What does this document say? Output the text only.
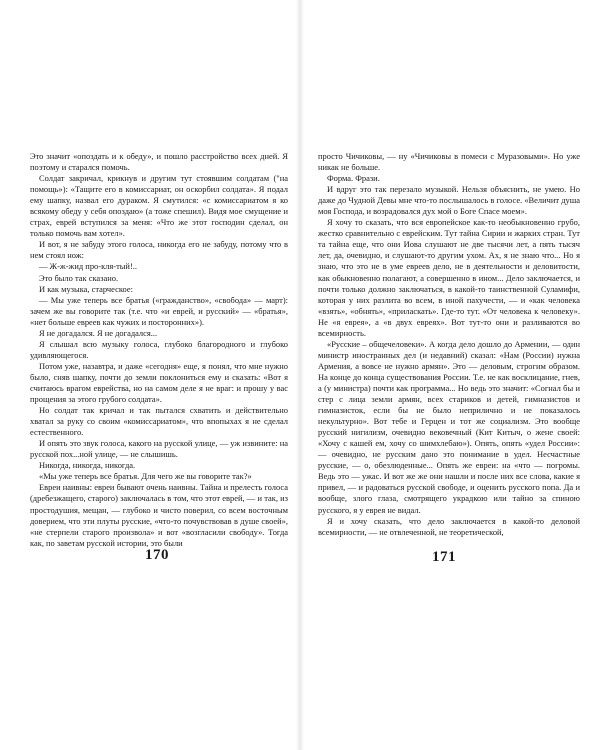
Это значит «опоздать и к обеду», и пошло расстройство всех дней. Я поэтому и старался помочь.

Солдат закричал, крикнув и другим тут стоявшим солдатам ("на помощь»): «Тащите его в комиссариат, он оскорбил солдата». Я подал ему шапку, назвал его дураком. Я смутился: «с комиссариатом я ко всякому обеду у себя опоздаю» (а тоже спешил). Видя мое смущение и страх, еврей вступился за меня: «Что же этот господин сделал, он только помочь вам хотел».

И вот, я не забуду этого голоса, никогда его не забуду, потому что в нем стоял нож:

— Ж-ж-жид про-кля-тый!..

Это было так сказано.

И как музыка, старческое:

— Мы уже теперь все братья («гражданство», «свобода» — март): зачем же вы говорите так (т.е. что «и еврей, и русский» — «братья», «нет больше евреев как чужих и посторонних»).

Я не догадался. Я не догадался...

Я слышал всю музыку голоса, глубоко благородного и глубоко удивляющегося.

Потом уже, назавтра, и даже «сегодня» еще, я понял, что мне нужно было, сняв шапку, почти до земли поклониться ему и сказать: «Вот я считаюсь врагом еврейства, но на самом деле я не враг: и прошу у вас прощения за этого грубого солдата».

Но солдат так кричал и так пытался схватить и действительно хватал за руку со своим «комиссариатом», что впопыхах я не сделал естественного.

И опять это звук голоса, какого на русской улице, — уж извините: на русской пох...ной улице, — не слышишь.

Никогда, никогда, никогда.

«Мы уже теперь все братья. Для чего же вы говорите так?»

Евреи наивны: евреи бывают очень наивны. Тайна и прелесть голоса (дребезжащего, старого) заключалась в том, что этот еврей, — и так, из простодушия, мещан, — глубоко и чисто поверил, со всем восточным доверием, что эти плуты русские, «что-то почувствовав в душе своей», «не стерпели старого произвола» и вот «возгласили свободу». Тогда как, по заветам русской истории, это были

просто Чичиковы, — ну «Чичиковы в помеси с Муразовыми». Но уже никак не больше.

Форма. Фрази.

И вдруг это так перезало музыкой. Нельзя объяснить, не умею. Но даже до Чудной Девы мне что-то послышалось в голосе. «Величит душа моя Господа, и возрадовался дух мой о Боге Спасе моем».

Я хочу то сказать, что вся европейское как-то необыкновенно грубо, жестко сравнительно с еврейским. Тут тайна Сирии и жарких стран. Тут та тайна еще, что они Иова слушают не две тысячи лет, а пять тысяч лет, да, очевидно, и слушают-то другим ухом. Ах, я не знаю что... Но я знаю, что это не в уме евреев дело, не в деятельности и деловитости, как обыкновенно полагают, а совершенно в ином... Дело заключается, и почти только должно заключаться, в какой-то таинственной Суламифи, которая у них разлита во всем, в иной пахучести, — и «как человека «взять», «обнять», «приласкать». Где-то тут. «От человека к человеку». Не «я еврея», а «в двух евреях». Вот тут-то они и разливаются во всемирность.

«Русские – общечеловеки». А когда дело дошло до Армении, — один министр иностранных дел (и недавний) сказал: «Нам (России) нужна Армения, а вовсе не нужно армян». Это — деловым, строгим образом. На конце до конца существования России. Т.е. не как восклицание, гнев, а (у министра) почти как программа... Но ведь это значит: «Согнал бы и стер с лица земли армян, всех стариков и детей, гимназистов и гимназисток, если бы не было неприлично и не показалось некультурно». Вот тебе и Герцен и тот же социализм. Это вообще русский нигилизм, очевидно вековечный (Кит Китыч, о жене своей: «Хочу с кашей ем, хочу со шимхлебаю»). Опять, опять «удел России»: — очевидно, не русским дано это понимание в удел. Несчастные русские, — о, обезлюденные... Опять же евреи: на «что — погромы. Ведь это — ужас. И вот же же они нашли и после них все слова, какие я привел, — и радоваться русской свободе, и оценить русского попа. Да и вообще, злого глаза, смотрящего украдкою или тайно за спиною русского, я у еврея не видал.

Я и хочу сказать, что дело заключается в какой-то деловой всемирности, — не отвлеченной, не теоретической,

170	171
